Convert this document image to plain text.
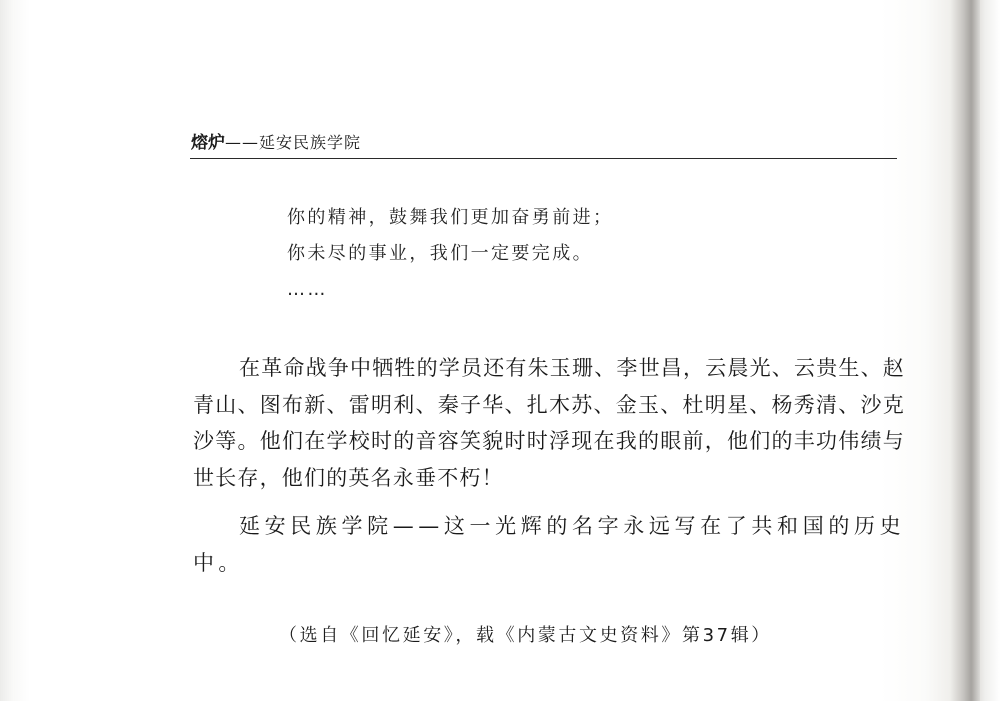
熔炉 ——延安民族学院
你的精神，鼓舞我们更加奋勇前进；
你未尽的事业，我们一定要完成。
……

在革命战争中牺牲的学员还有朱玉珊、李世昌，云晨光、云贵生、赵青山、图布新、雷明利、秦子华、扎木苏、金玉、杜明星、杨秀清、沙克沙等。他们在学校时的音容笑貌时时浮现在我的眼前，他们的丰功伟绩与世长存，他们的英名永垂不朽！

延安民族学院——这一光辉的名字永远写在了共和国的历史中。

（选自《回忆延安》，载《内蒙古文史资料》第37辑）
